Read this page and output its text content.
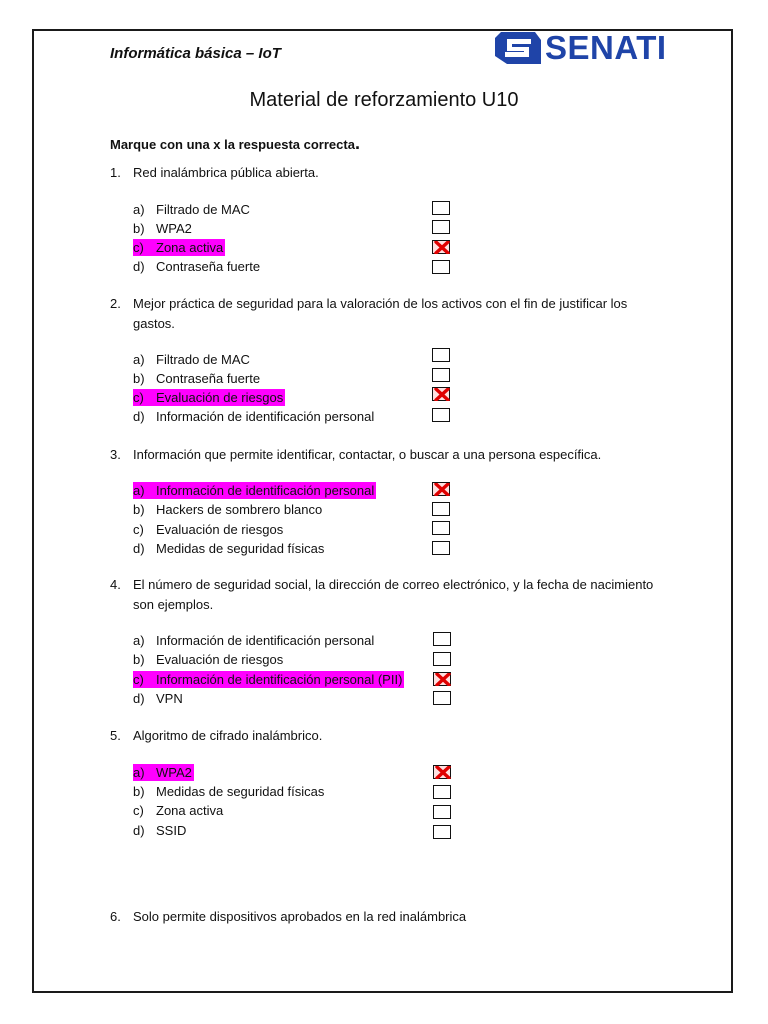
Informática básica – IoT	SENATI
Material de reforzamiento U10
Marque con una x la respuesta correcta.
1. Red inalámbrica pública abierta.
a) Filtrado de MAC
b) WPA2
c) Zona activa
d) Contraseña fuerte
2. Mejor práctica de seguridad para la valoración de los activos con el fin de justificar los gastos.
a) Filtrado de MAC
b) Contraseña fuerte
c) Evaluación de riesgos
d) Información de identificación personal
3. Información que permite identificar, contactar, o buscar a una persona específica.
a) Información de identificación personal
b) Hackers de sombrero blanco
c) Evaluación de riesgos
d) Medidas de seguridad físicas
4. El número de seguridad social, la dirección de correo electrónico, y la fecha de nacimiento son ejemplos.
a) Información de identificación personal
b) Evaluación de riesgos
c) Información de identificación personal (PII)
d) VPN
5. Algoritmo de cifrado inalámbrico.
a) WPA2
b) Medidas de seguridad físicas
c) Zona activa
d) SSID
6. Solo permite dispositivos aprobados en la red inalámbrica
